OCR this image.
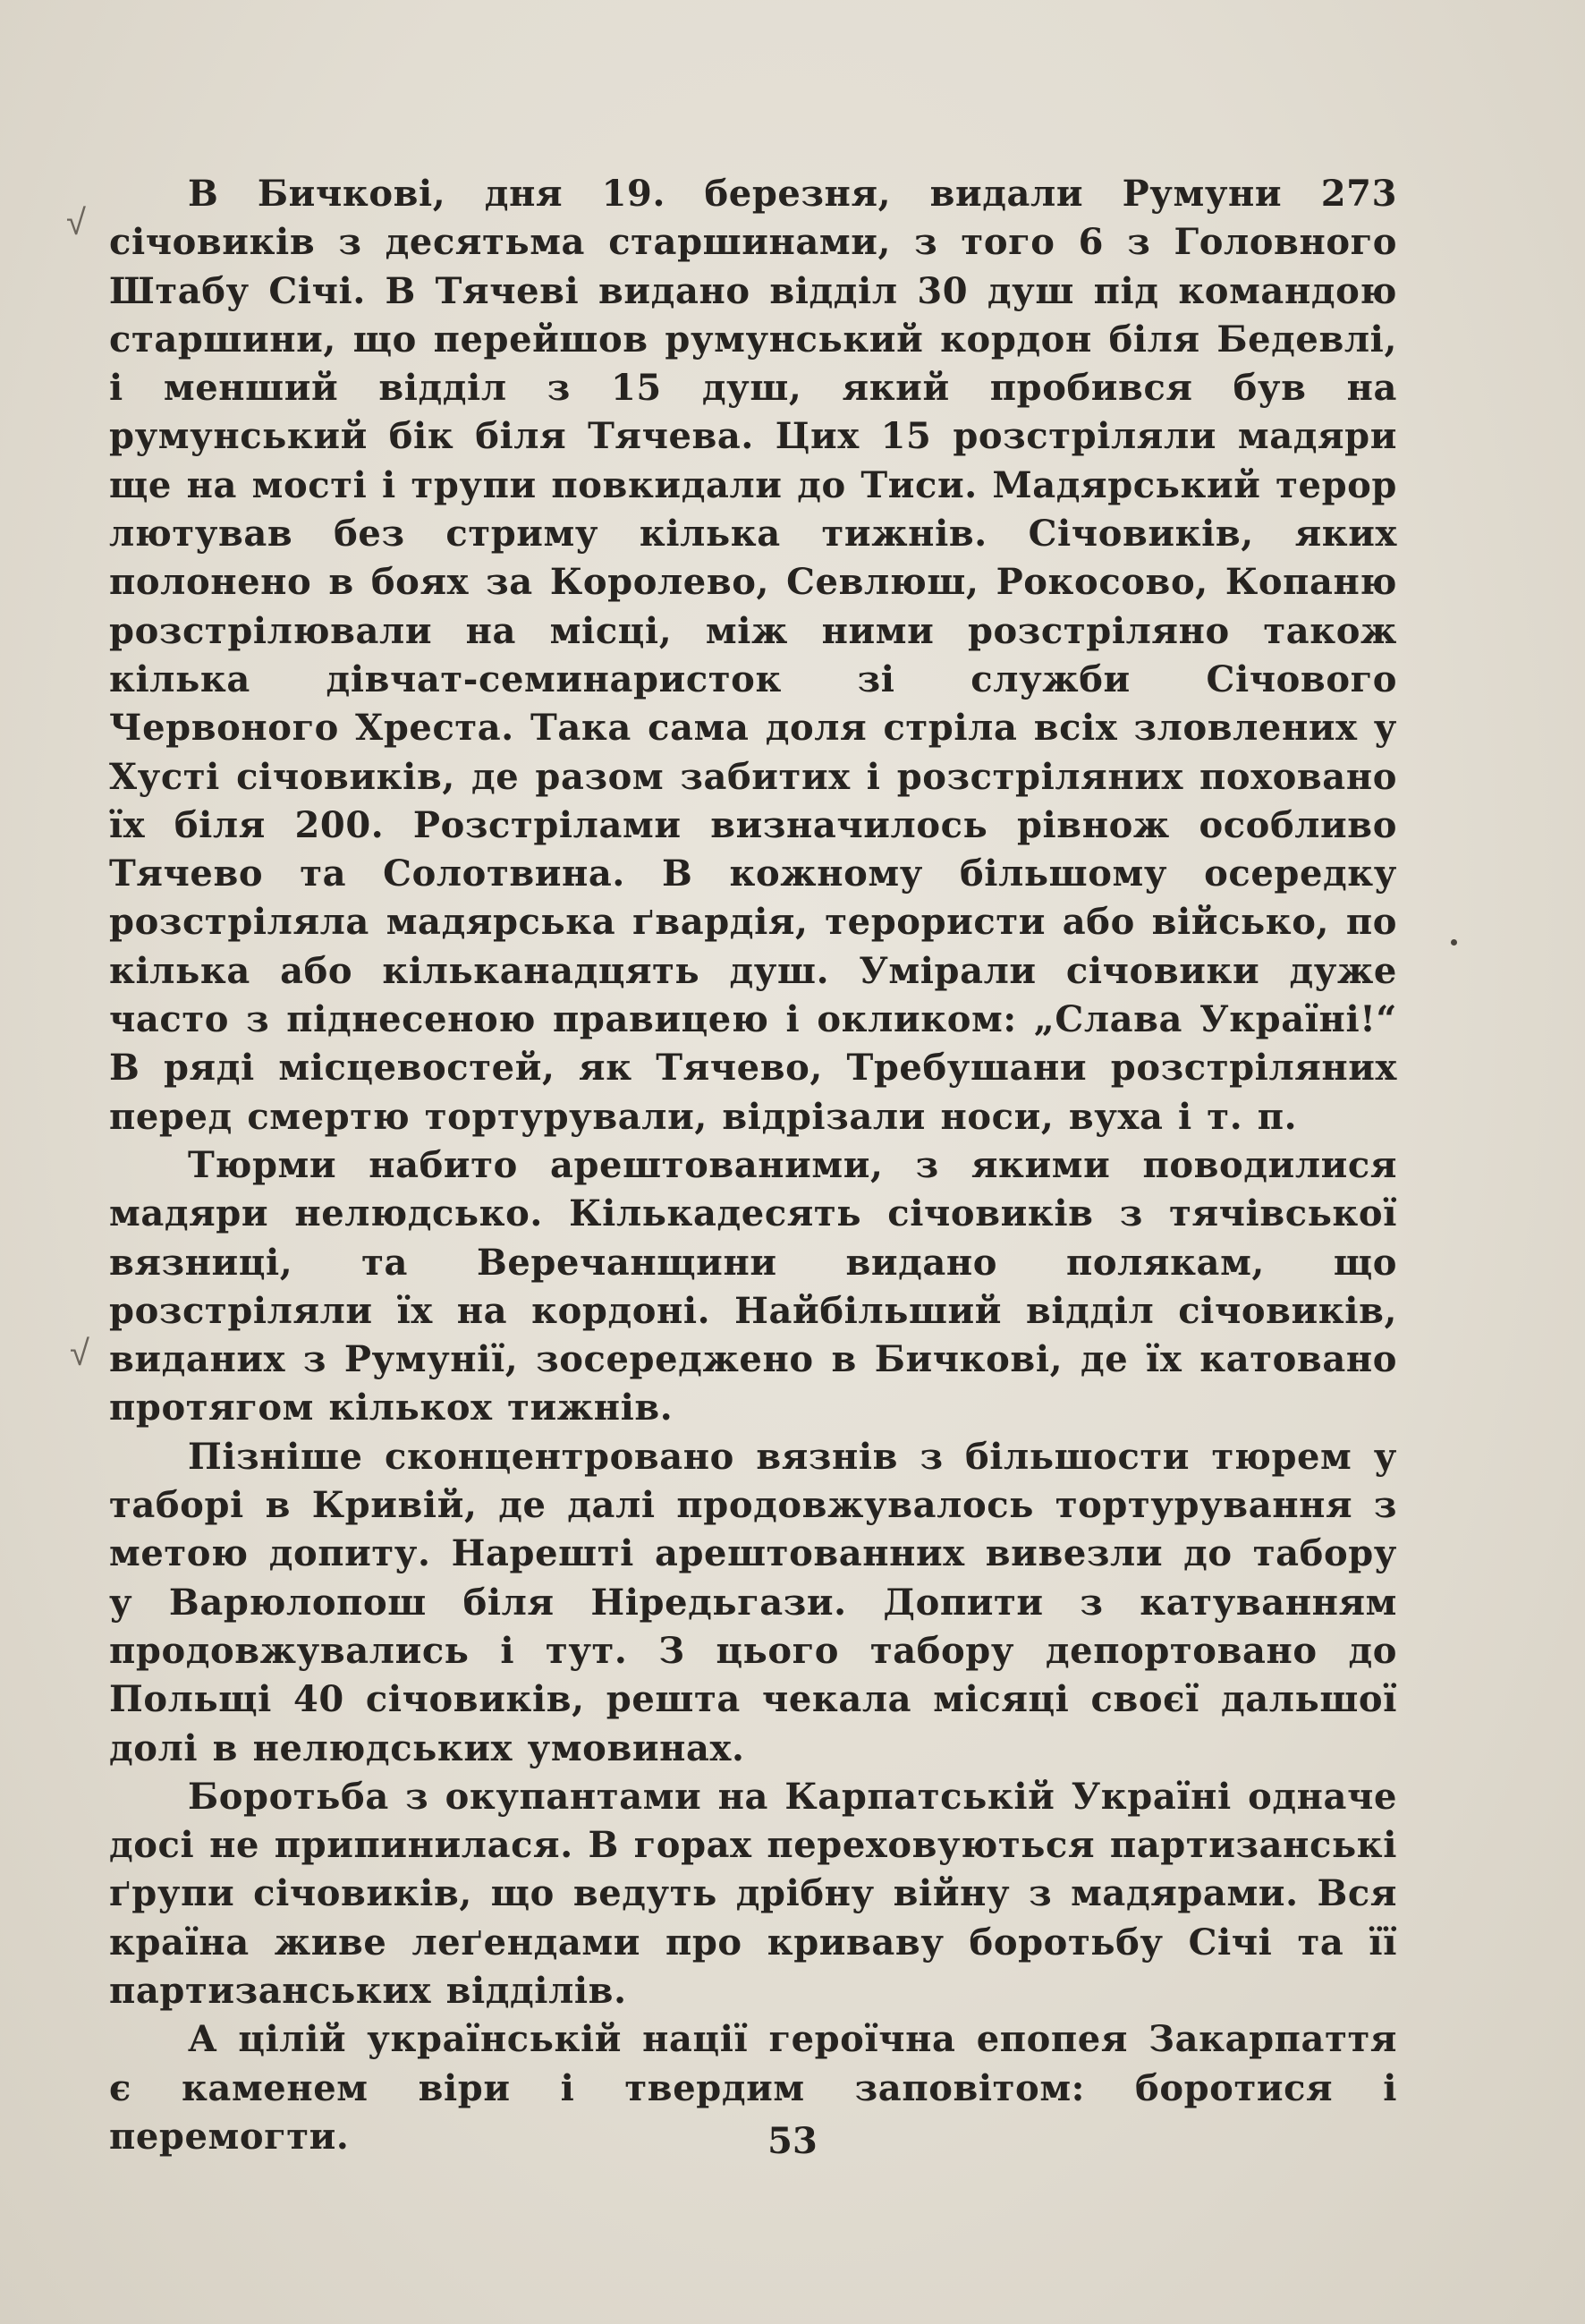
√
√

В Бичкові, дня 19. березня, видали Румуни 273 січовиків з десятьма старшинами, з того 6 з Головного Штабу Січі. В Тячеві видано відділ 30 душ під командою старшини, що перейшов румунський кордон біля Бедевлі, і менший відділ з 15 душ, який пробився був на румунський бік біля Тячева. Цих 15 розстріляли мадяри ще на мості і трупи повкидали до Тиси. Мадярський терор лютував без стриму кілька тижнів. Січовиків, яких полонено в боях за Королево, Севлюш, Рокосово, Копаню розстрілювали на місці, між ними розстріляно також кілька дівчат-семинаристок зі служби Січового Червоного Хреста. Така сама доля стріла всіх зловлених у Хусті січовиків, де разом забитих і розстріляних поховано їх біля 200. Розстрілами визначилось рівнож особливо Тячево та Солотвина. В кожному більшому осередку розстріляла мадярська ґвардія, терористи або військо, по кілька або кільканадцять душ. Умірали січовики дуже часто з піднесеною правицею і окликом: „Слава Україні!“ В ряді місцевостей, як Тячево, Требушани розстріляних перед смертю тортурували, відрізали носи, вуха і т. п.

Тюрми набито арештованими, з якими поводилися мадяри нелюдсько. Кількадесять січовиків з тячівської вязниці, та Веречанщини видано полякам, що розстріляли їх на кордоні. Найбільший відділ січовиків, виданих з Румунії, зосереджeно в Бичкові, де їх катовано протягом кількох тижнів.

Пізніше сконцентровано вязнів з більшости тюрем у таборі в Кривій, де далі продовжувалось тортурування з метою допиту. Нарешті арештованних вивезли до табору у Варюлопош біля Ніредьгази. Допити з катуванням продовжувались і тут. З цього табору депортовано до Польщі 40 січовиків, решта чекала місяці своєї дальшої долі в нелюдських умовинах.

Боротьба з окупантами на Карпатській Україні одначе досі не припинилася. В горах переховуються партизанські ґрупи січовиків, що ведуть дрібну війну з мадярами. Вся країна живе леґендами про криваву боротьбу Січі та її партизанських відділів.

А цілій українській нації героїчна епопея Закарпаття є каменем віри і твердим заповітом: боротися і перемогти.	53
